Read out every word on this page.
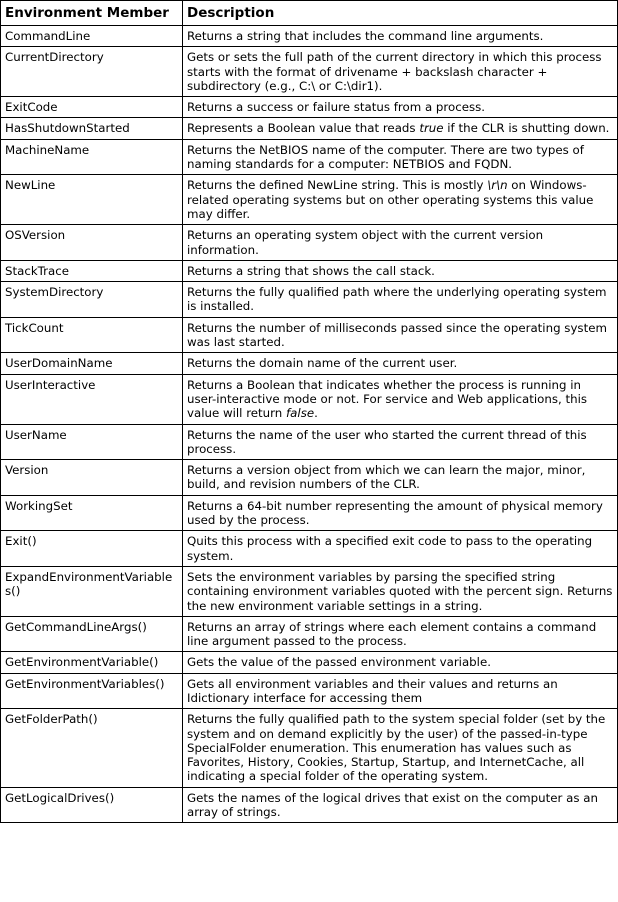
Environment Member	Description
CommandLine	Returns a string that includes the command line arguments.
CurrentDirectory	Gets or sets the full path of the current directory in which this process starts with the format of drivename + backslash character + subdirectory (e.g., C:\ or C:\dir1).
ExitCode	Returns a success or failure status from a process.
HasShutdownStarted	Represents a Boolean value that reads true if the CLR is shutting down.
MachineName	Returns the NetBIOS name of the computer. There are two types of naming standards for a computer: NETBIOS and FQDN.
NewLine	Returns the defined NewLine string. This is mostly \r\n on Windows-related operating systems but on other operating systems this value may differ.
OSVersion	Returns an operating system object with the current version information.
StackTrace	Returns a string that shows the call stack.
SystemDirectory	Returns the fully qualified path where the underlying operating system is installed.
TickCount	Returns the number of milliseconds passed since the operating system was last started.
UserDomainName	Returns the domain name of the current user.
UserInteractive	Returns a Boolean that indicates whether the process is running in user-interactive mode or not. For service and Web applications, this value will return false.
UserName	Returns the name of the user who started the current thread of this process.
Version	Returns a version object from which we can learn the major, minor, build, and revision numbers of the CLR.
WorkingSet	Returns a 64-bit number representing the amount of physical memory used by the process.
Exit()	Quits this process with a specified exit code to pass to the operating system.
ExpandEnvironmentVariables()	Sets the environment variables by parsing the specified string containing environment variables quoted with the percent sign. Returns the new environment variable settings in a string.
GetCommandLineArgs()	Returns an array of strings where each element contains a command line argument passed to the process.
GetEnvironmentVariable()	Gets the value of the passed environment variable.
GetEnvironmentVariables()	Gets all environment variables and their values and returns an Idictionary interface for accessing them
GetFolderPath()	Returns the fully qualified path to the system special folder (set by the system and on demand explicitly by the user) of the passed-in-type SpecialFolder enumeration. This enumeration has values such as Favorites, History, Cookies, Startup, Startup, and InternetCache, all indicating a special folder of the operating system.
GetLogicalDrives()	Gets the names of the logical drives that exist on the computer as an array of strings.
